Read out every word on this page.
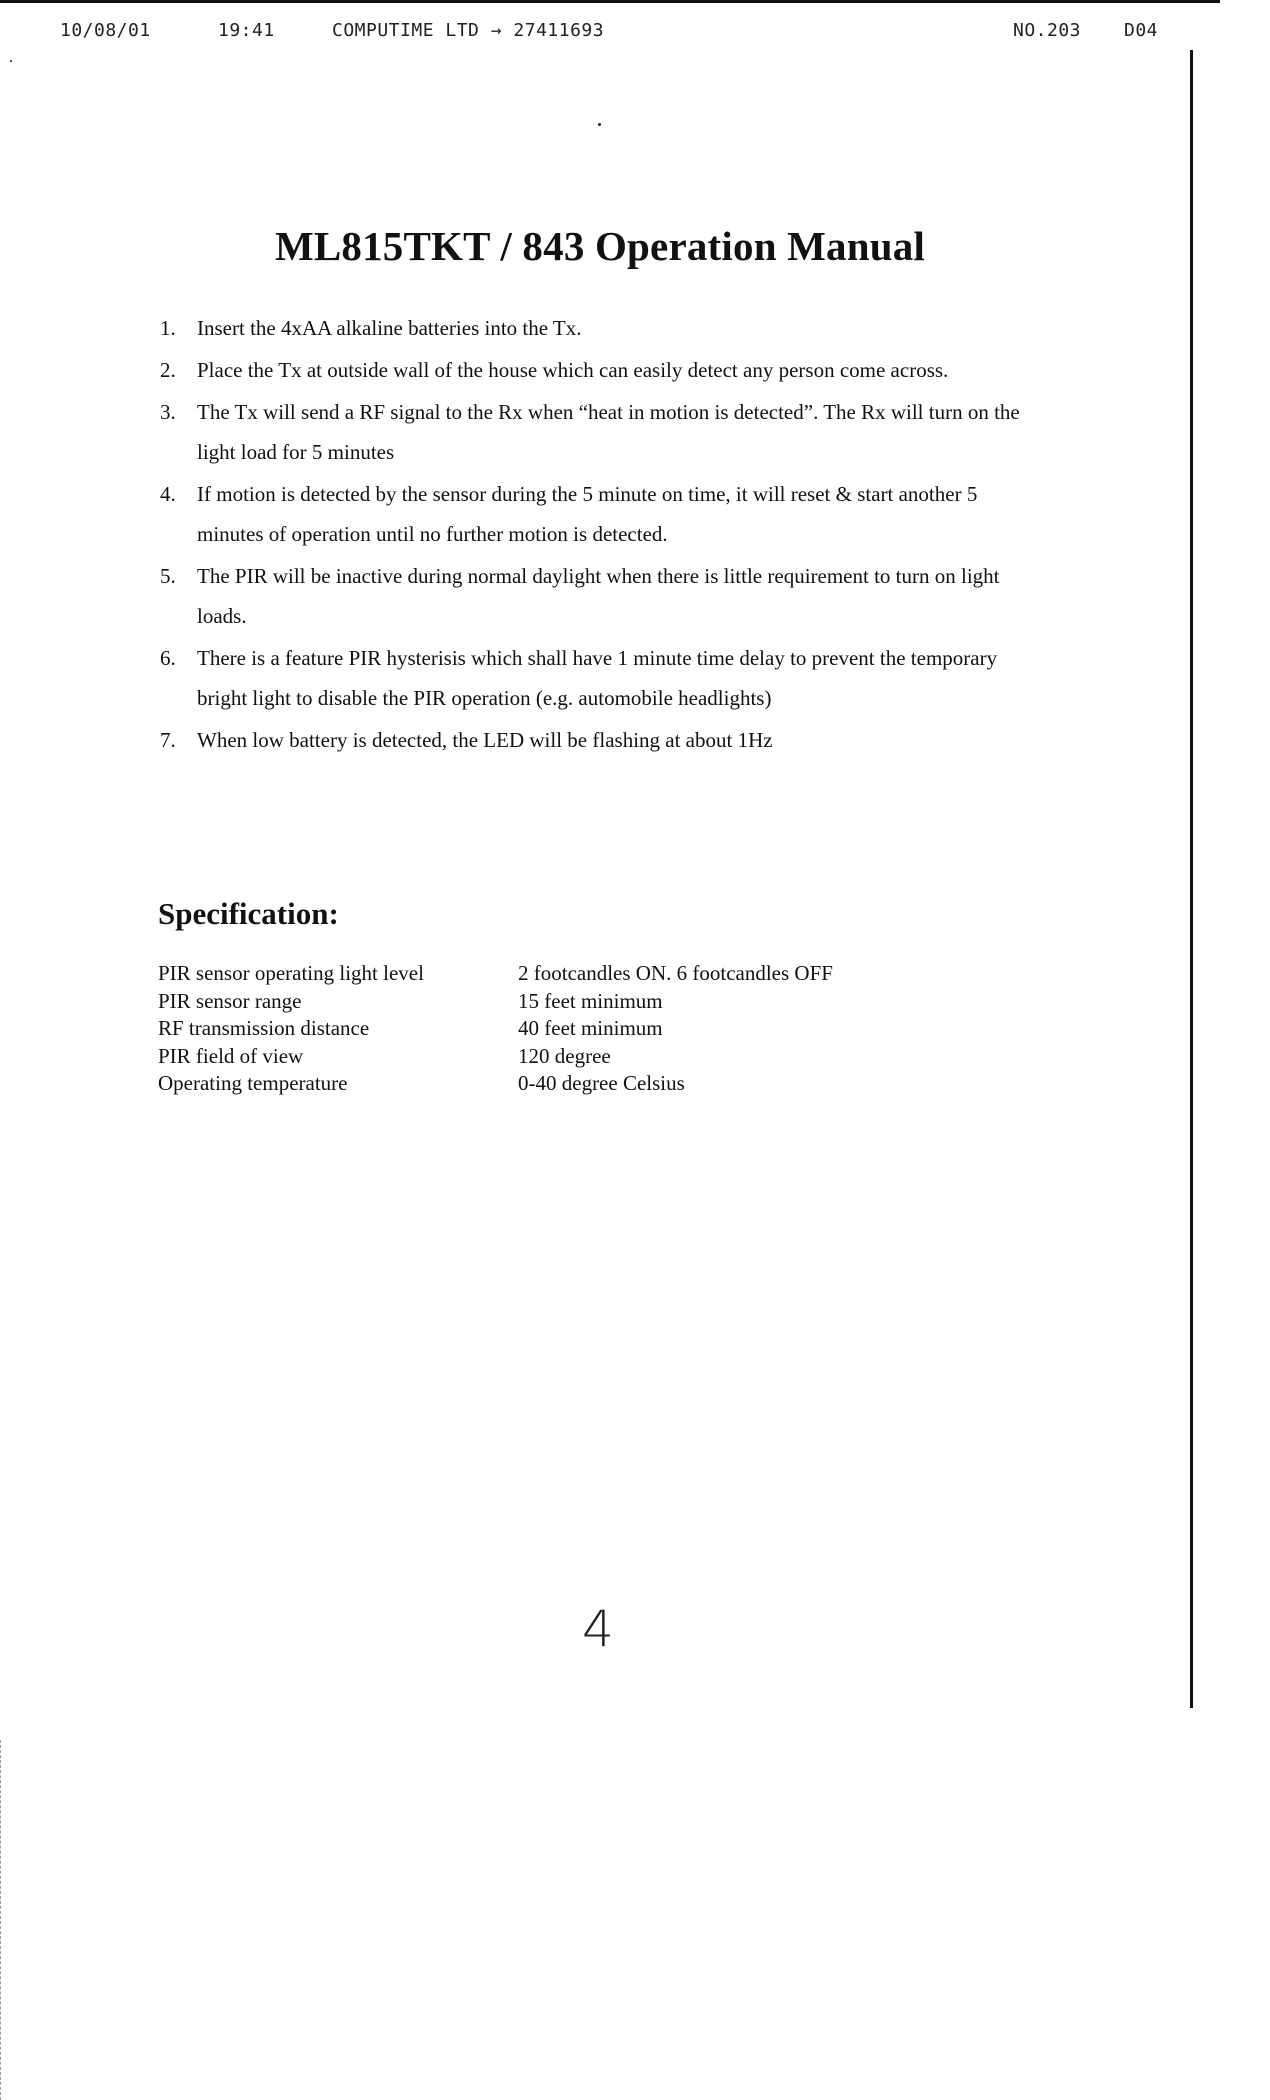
10/08/01	19:41	COMPUTIME LTD → 27411693	NO.203 D04
ML815TKT / 843 Operation Manual
1. Insert the 4xAA alkaline batteries into the Tx.
2. Place the Tx at outside wall of the house which can easily detect any person come across.
3. The Tx will send a RF signal to the Rx when “heat in motion is detected”. The Rx will turn on the light load for 5 minutes
4. If motion is detected by the sensor during the 5 minute on time, it will reset & start another 5 minutes of operation until no further motion is detected.
5. The PIR will be inactive during normal daylight when there is little requirement to turn on light loads.
6. There is a feature PIR hysterisis which shall have 1 minute time delay to prevent the temporary bright light to disable the PIR operation (e.g. automobile headlights)
7. When low battery is detected, the LED will be flashing at about 1Hz
Specification:
PIR sensor operating light level	2 footcandles ON. 6 footcandles OFF
PIR sensor range	15 feet minimum
RF transmission distance	40 feet minimum
PIR field of view	120 degree
Operating temperature	0-40 degree Celsius
4
